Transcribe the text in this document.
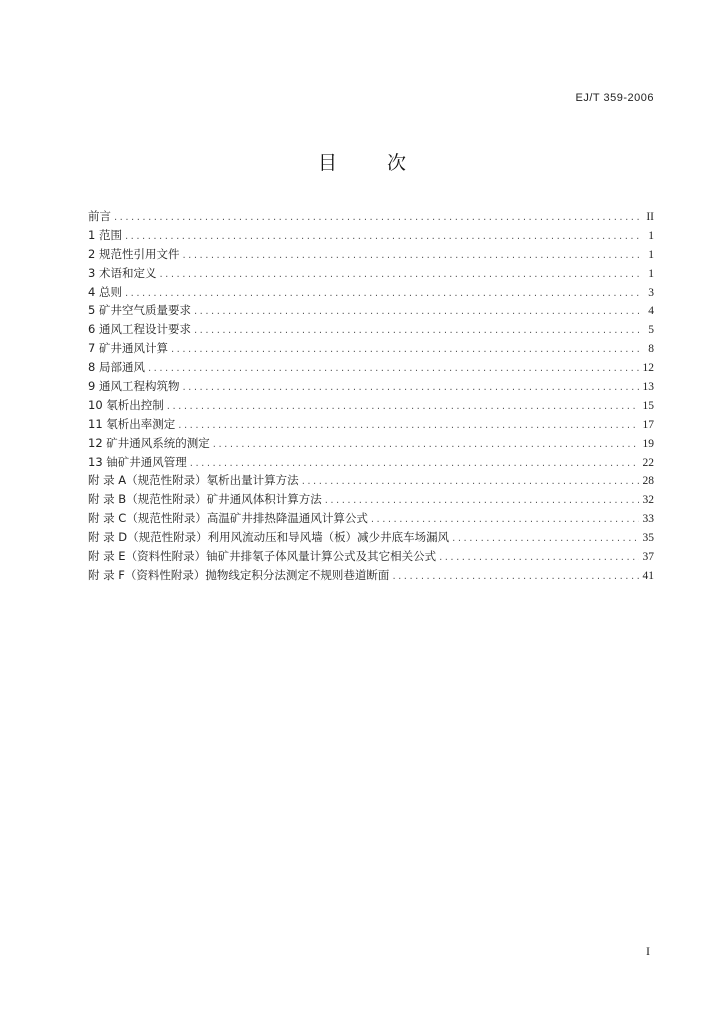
EJ/T 359-2006
目 次
前言 .....	II
1 范围 .....	1
2 规范性引用文件 .....	1
3 术语和定义 .....	1
4 总则 .....	3
5 矿井空气质量要求 .....	4
6 通风工程设计要求 .....	5
7 矿井通风计算 .....	8
8 局部通风 .....	12
9 通风工程构筑物 .....	13
10 氡析出控制 .....	15
11 氡析出率测定 .....	17
12 矿井通风系统的测定 .....	19
13 铀矿井通风管理 .....	22
附 录 A（规范性附录）氡析出量计算方法 .....	28
附 录 B（规范性附录）矿井通风体积计算方法 .....	32
附 录 C（规范性附录）高温矿井排热降温通风计算公式 .....	33
附 录 D（规范性附录）利用风流动压和导风墙（板）减少井底车场漏风 .....	35
附 录 E（资料性附录）铀矿井排氡子体风量计算公式及其它相关公式 .....	37
附 录 F（资料性附录）抛物线定积分法测定不规则巷道断面 .....	41
I
